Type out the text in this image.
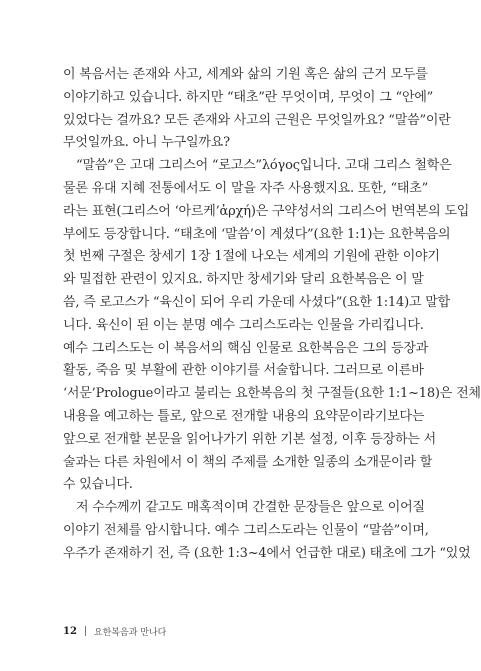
이 복음서는 존재와 사고, 세계와 삶의 기원 혹은 삶의 근거 모두를
이야기하고 있습니다. 하지만 “태초”란 무엇이며, 무엇이 그 “안에”
있었다는 걸까요? 모든 존재와 사고의 근원은 무엇일까요? “말씀”이란
무엇일까요. 아니 누구일까요?
“말씀”은 고대 그리스어 “로고스”λόγος입니다. 고대 그리스 철학은
물론 유대 지혜 전통에서도 이 말을 자주 사용했지요. 또한, “태초”
라는 표현(그리스어 ‘아르케’ἀρχή)은 구약성서의 그리스어 번역본의 도입
부에도 등장합니다. “태초에 ‘말씀’이 계셨다”(요한 1:1)는 요한복음의
첫 번째 구절은 창세기 1장 1절에 나오는 세계의 기원에 관한 이야기
와 밀접한 관련이 있지요. 하지만 창세기와 달리 요한복음은 이 말
씀, 즉 로고스가 “육신이 되어 우리 가운데 사셨다”(요한 1:14)고 말합
니다. 육신이 된 이는 분명 예수 그리스도라는 인물을 가리킵니다.
예수 그리스도는 이 복음서의 핵심 인물로 요한복음은 그의 등장과
활동, 죽음 및 부활에 관한 이야기를 서술합니다. 그러므로 이른바
‘서문’Prologue이라고 불리는 요한복음의 첫 구절들(요한 1:1~18)은 전체
내용을 예고하는 틀로, 앞으로 전개할 내용의 요약문이라기보다는
앞으로 전개할 본문을 읽어나가기 위한 기본 설정, 이후 등장하는 서
술과는 다른 차원에서 이 책의 주제를 소개한 일종의 소개문이라 할
수 있습니다.
저 수수께끼 같고도 매혹적이며 간결한 문장들은 앞으로 이어질
이야기 전체를 암시합니다. 예수 그리스도라는 인물이 “말씀”이며,
우주가 존재하기 전, 즉 (요한 1:3~4에서 언급한 대로) 태초에 그가 “있었
12 요한복음과 만나다
